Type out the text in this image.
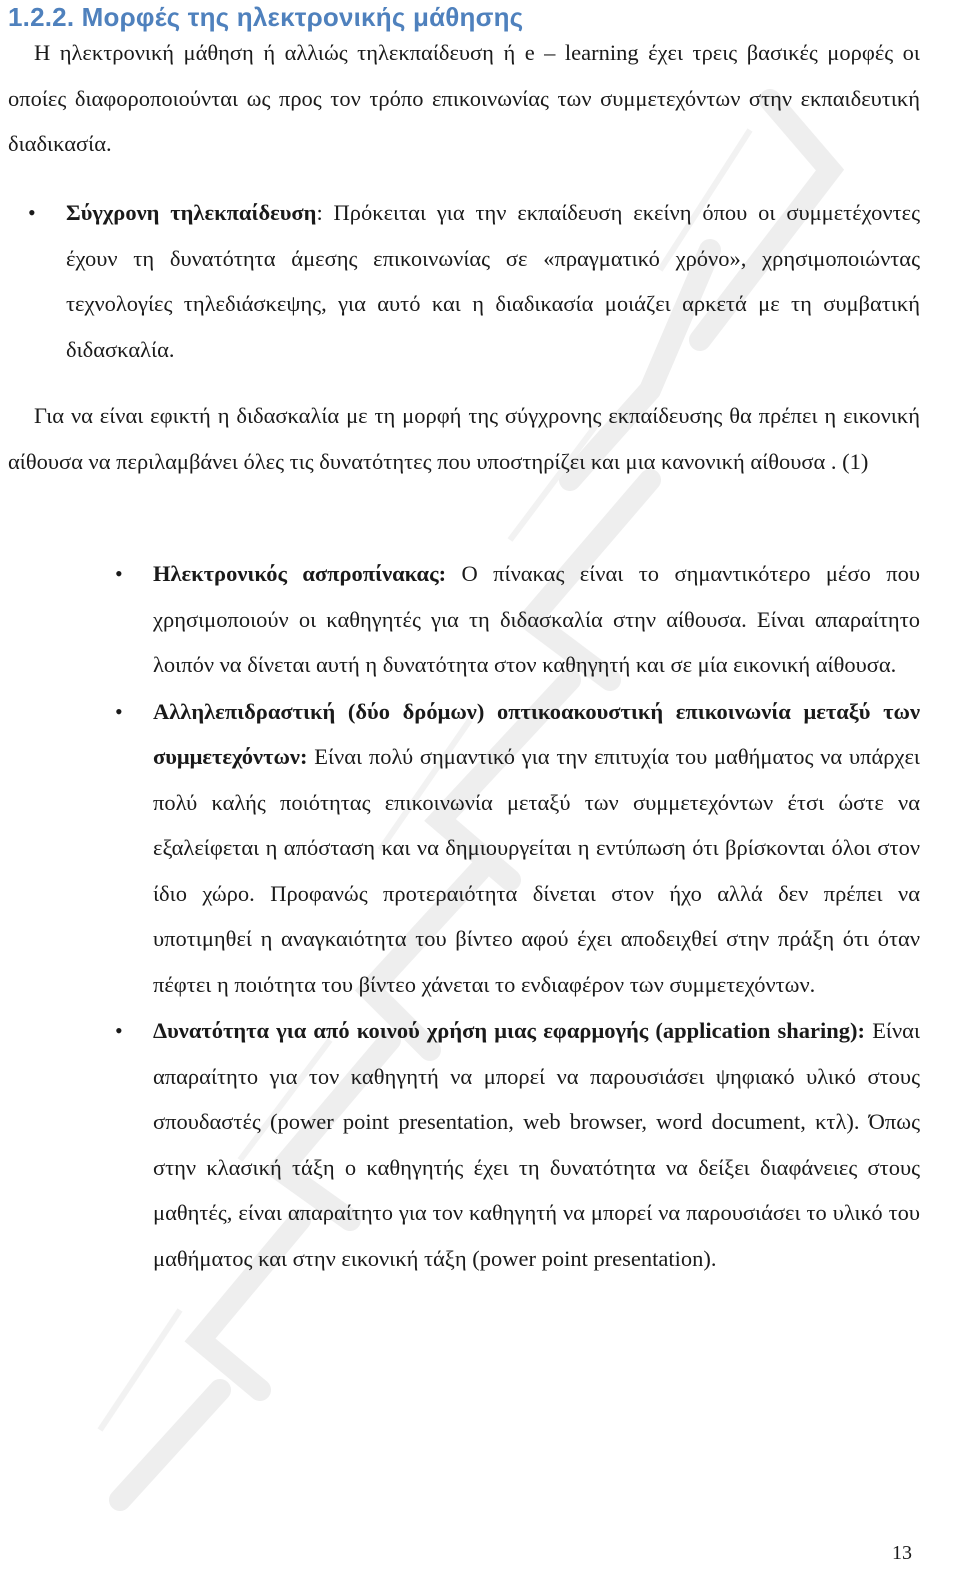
1.2.2. Μορφές της ηλεκτρονικής μάθησης

Η ηλεκτρονική μάθηση ή αλλιώς τηλεκπαίδευση ή e – learning έχει τρεις βασικές μορφές οι οποίες διαφοροποιούνται ως προς τον τρόπο επικοινωνίας των συμμετεχόντων στην εκπαιδευτική διαδικασία.

• Σύγχρονη τηλεκπαίδευση: Πρόκειται για την εκπαίδευση εκείνη όπου οι συμμετέχοντες έχουν τη δυνατότητα άμεσης επικοινωνίας σε «πραγματικό χρόνο», χρησιμοποιώντας τεχνολογίες τηλεδιάσκεψης, για αυτό και η διαδικασία μοιάζει αρκετά με τη συμβατική διδασκαλία.

Για να είναι εφικτή η διδασκαλία με τη μορφή της σύγχρονης εκπαίδευσης θα πρέπει η εικονική αίθουσα να περιλαμβάνει όλες τις δυνατότητες που υποστηρίζει και μια κανονική αίθουσα . (1)

• Ηλεκτρονικός ασπροπίνακας: Ο πίνακας είναι το σημαντικότερο μέσο που χρησιμοποιούν οι καθηγητές για τη διδασκαλία στην αίθουσα. Είναι απαραίτητο λοιπόν να δίνεται αυτή η δυνατότητα στον καθηγητή και σε μία εικονική αίθουσα.
• Αλληλεπιδραστική (δύο δρόμων) οπτικοακουστική επικοινωνία μεταξύ των συμμετεχόντων: Είναι πολύ σημαντικό για την επιτυχία του μαθήματος να υπάρχει πολύ καλής ποιότητας επικοινωνία μεταξύ των συμμετεχόντων έτσι ώστε να εξαλείφεται η απόσταση και να δημιουργείται η εντύπωση ότι βρίσκονται όλοι στον ίδιο χώρο. Προφανώς προτεραιότητα δίνεται στον ήχο αλλά δεν πρέπει να υποτιμηθεί η αναγκαιότητα του βίντεο αφού έχει αποδειχθεί στην πράξη ότι όταν πέφτει η ποιότητα του βίντεο χάνεται το ενδιαφέρον των συμμετεχόντων.
• Δυνατότητα για από κοινού χρήση μιας εφαρμογής (application sharing): Είναι απαραίτητο για τον καθηγητή να μπορεί να παρουσιάσει ψηφιακό υλικό στους σπουδαστές (power point presentation, web browser, word document, κτλ). Όπως στην κλασική τάξη ο καθηγητής έχει τη δυνατότητα να δείξει διαφάνειες στους μαθητές, είναι απαραίτητο για τον καθηγητή να μπορεί να παρουσιάσει το υλικό του μαθήματος και στην εικονική τάξη (power point presentation).

13
